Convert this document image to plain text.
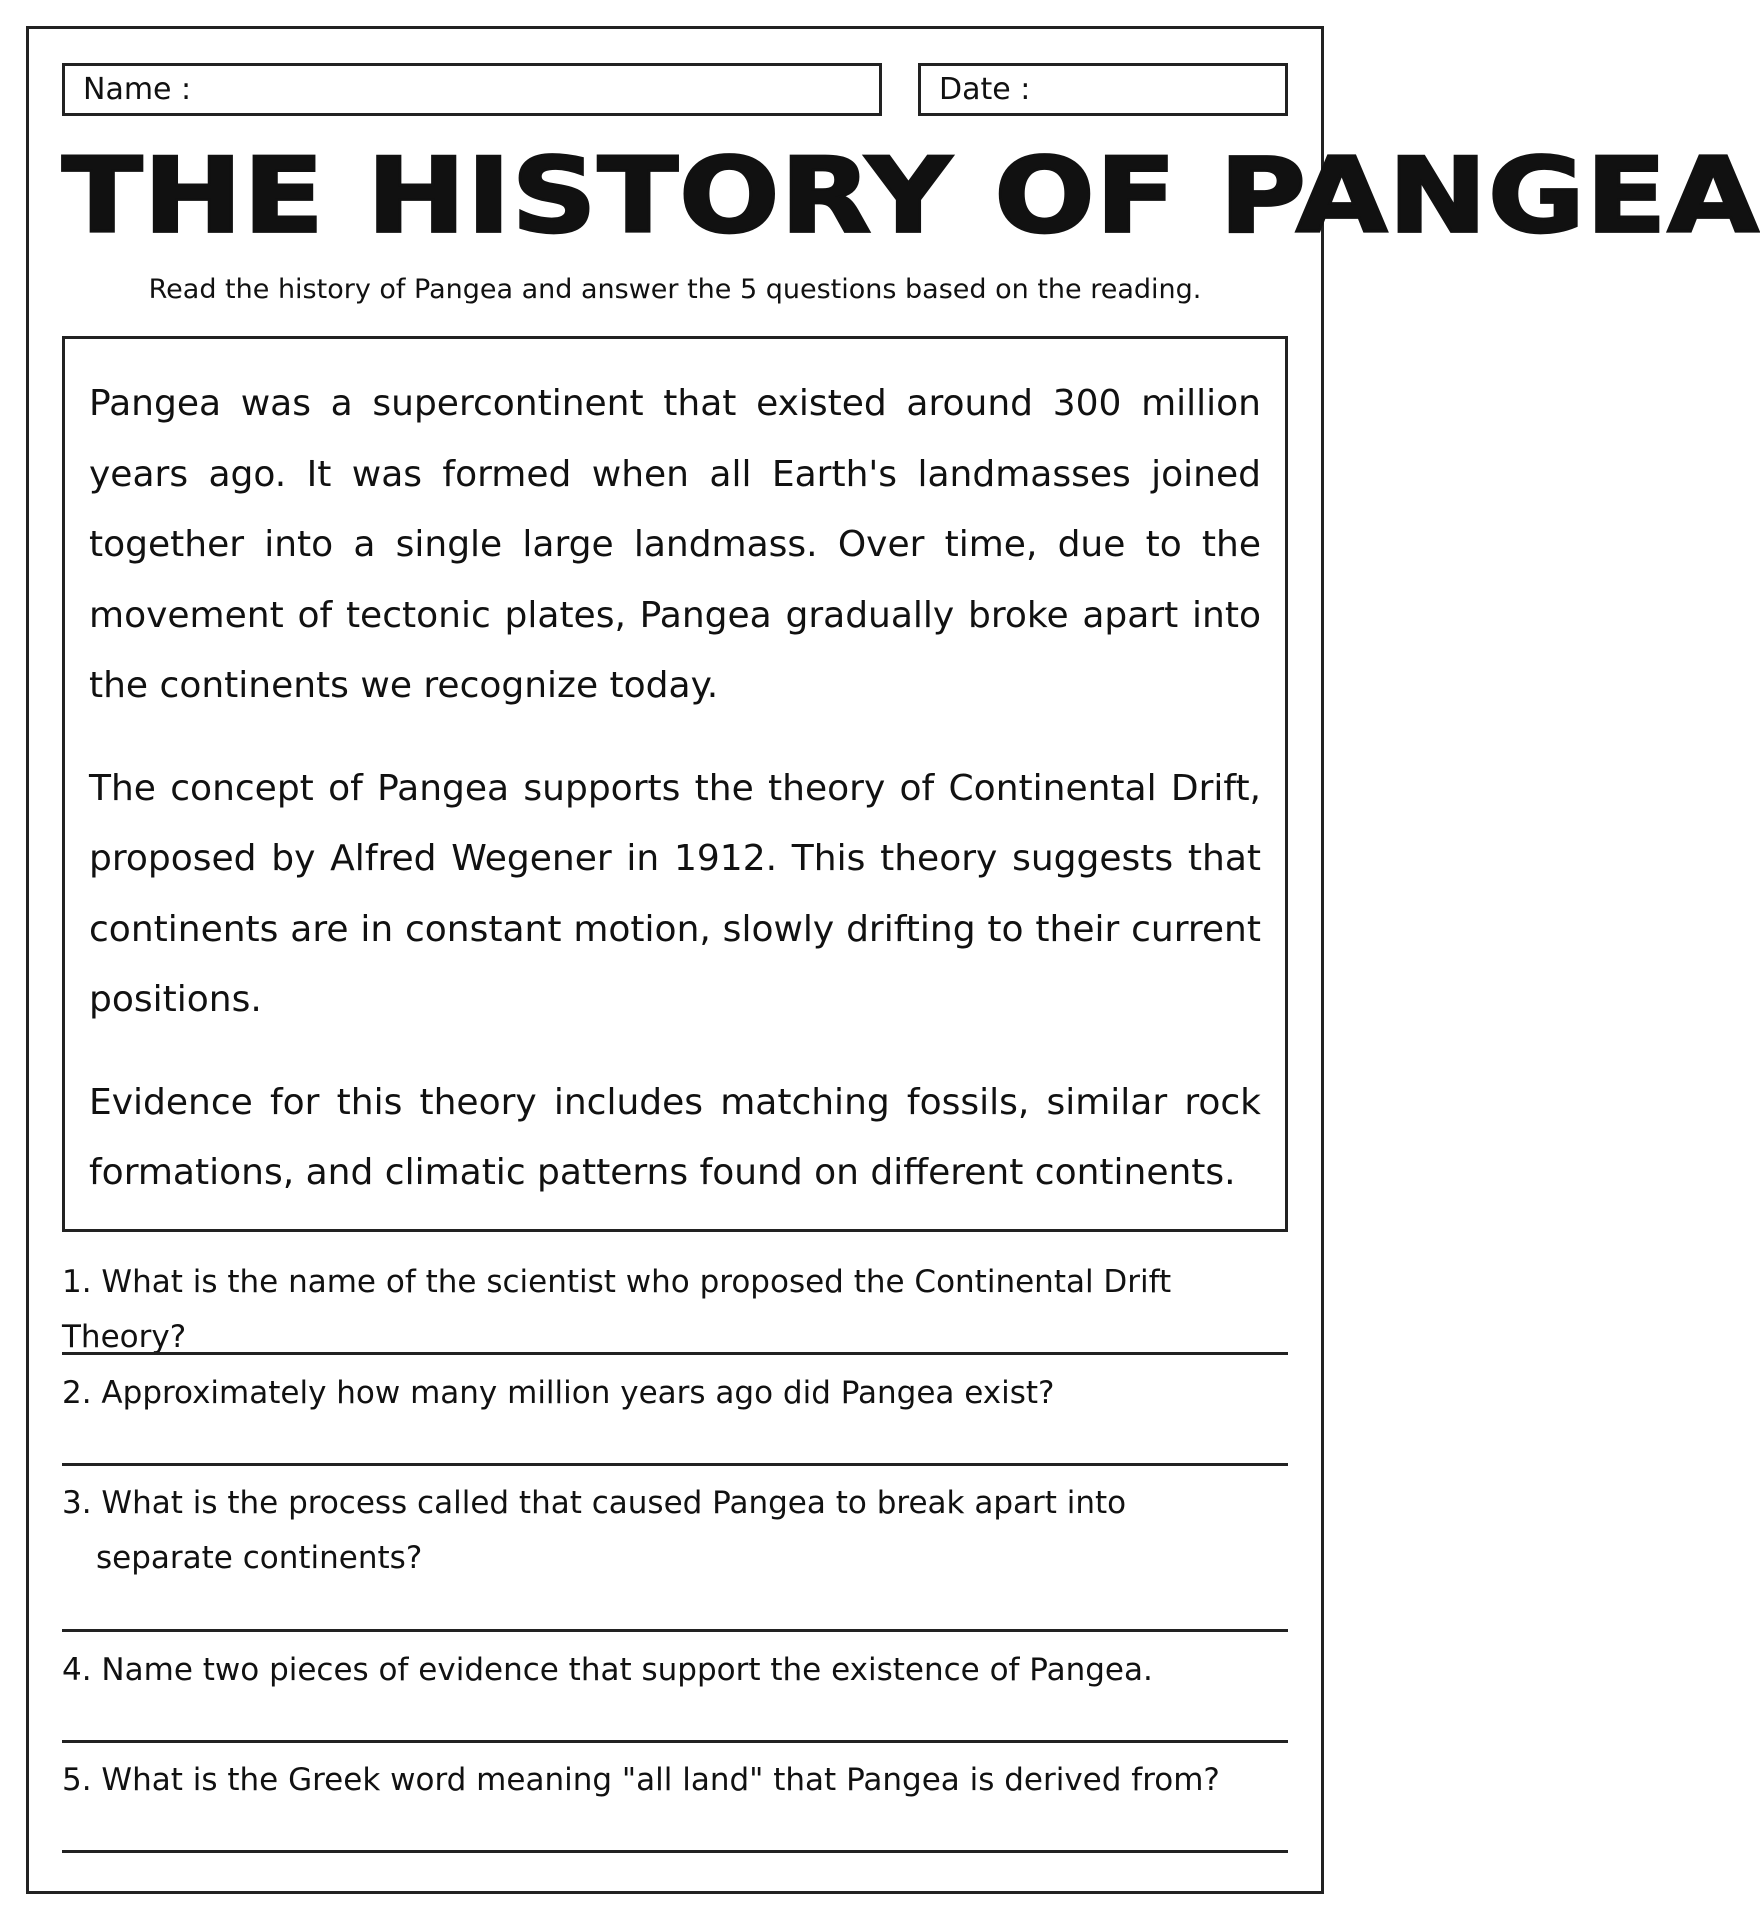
Name :	Date :
THE HISTORY OF PANGEA
Read the history of Pangea and answer the 5 questions based on the reading.

Pangea was a supercontinent that existed around 300 million years ago. It was formed when all Earth's landmasses joined together into a single large landmass. Over time, due to the movement of tectonic plates, Pangea gradually broke apart into the continents we recognize today.

The concept of Pangea supports the theory of Continental Drift, proposed by Alfred Wegener in 1912. This theory suggests that continents are in constant motion, slowly drifting to their current positions.

Evidence for this theory includes matching fossils, similar rock formations, and climatic patterns found on different continents.

1. What is the name of the scientist who proposed the Continental Drift Theory?
2. Approximately how many million years ago did Pangea exist?
3. What is the process called that caused Pangea to break apart into separate continents?
4. Name two pieces of evidence that support the existence of Pangea.
5. What is the Greek word meaning "all land" that Pangea is derived from?
